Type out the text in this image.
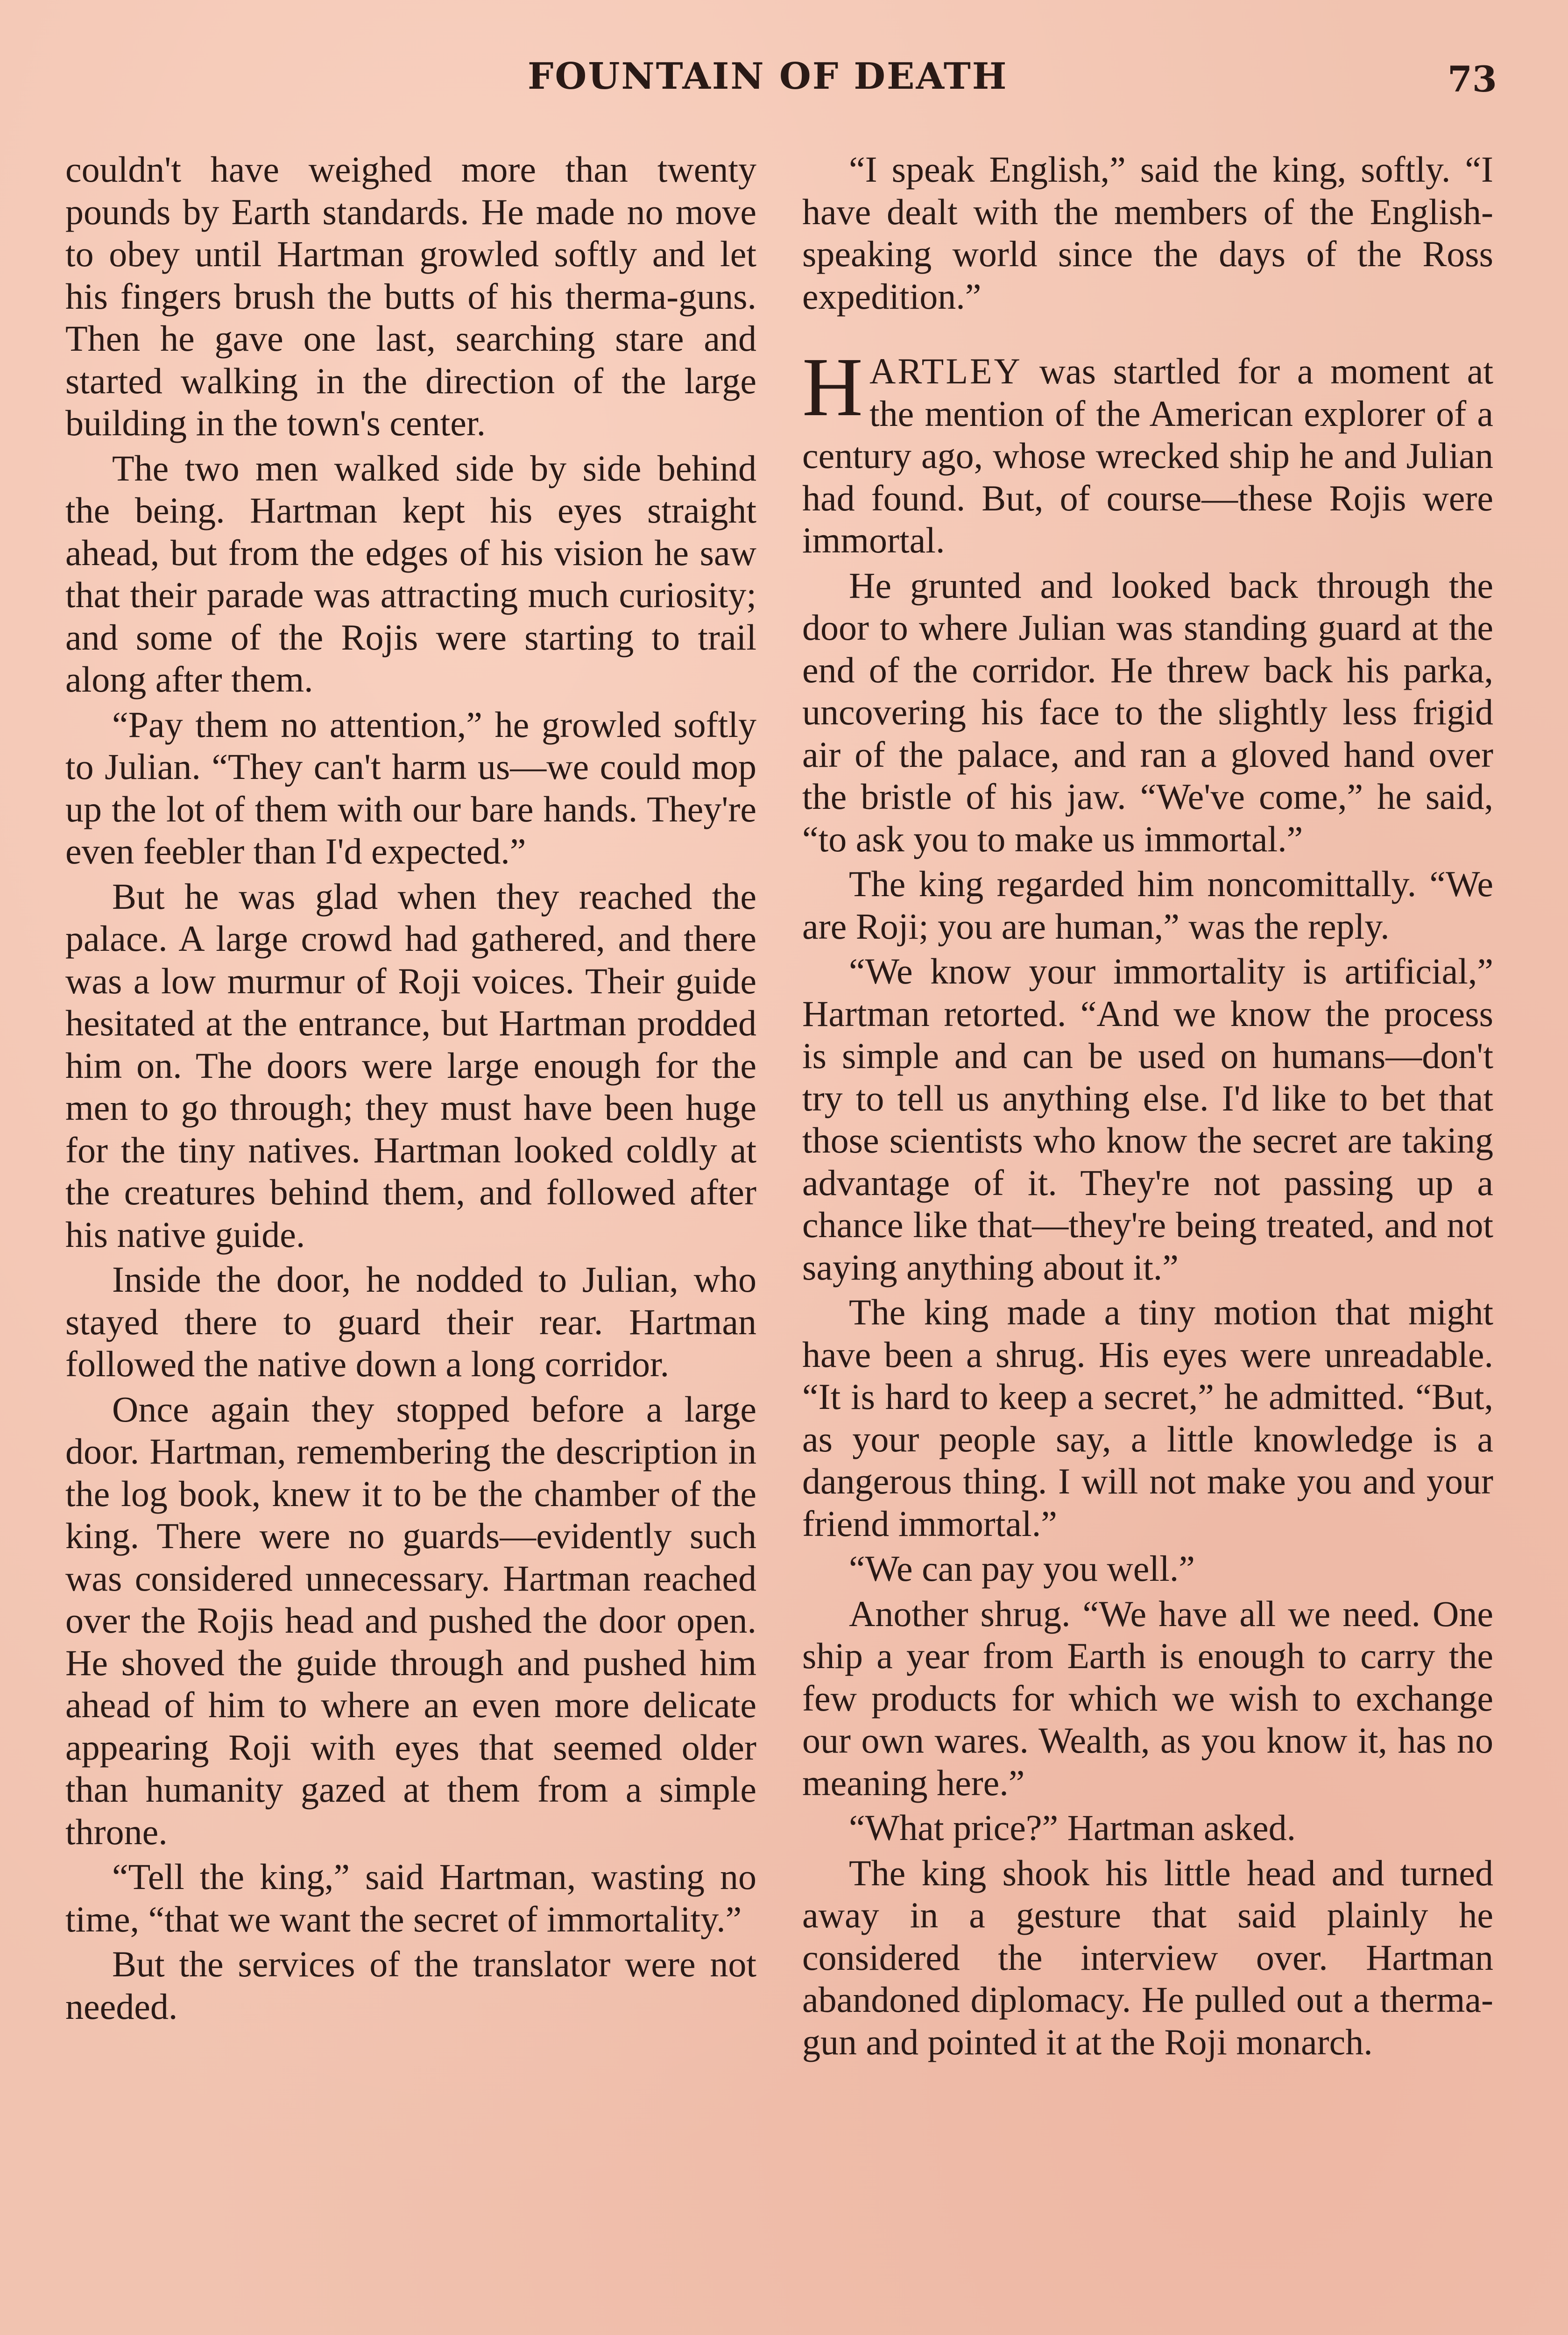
FOUNTAIN OF DEATH	73

couldn't have weighed more than twenty pounds by Earth standards. He made no move to obey until Hartman growled softly and let his fingers brush the butts of his therma-guns. Then he gave one last, searching stare and started walking in the direction of the large building in the town's center.

The two men walked side by side behind the being. Hartman kept his eyes straight ahead, but from the edges of his vision he saw that their parade was attracting much curiosity; and some of the Rojis were starting to trail along after them.

“Pay them no attention,” he growled softly to Julian. “They can't harm us—we could mop up the lot of them with our bare hands. They're even feebler than I'd expected.”

But he was glad when they reached the palace. A large crowd had gathered, and there was a low murmur of Roji voices. Their guide hesitated at the entrance, but Hartman prodded him on. The doors were large enough for the men to go through; they must have been huge for the tiny natives. Hartman looked coldly at the creatures behind them, and followed after his native guide.

Inside the door, he nodded to Julian, who stayed there to guard their rear. Hartman followed the native down a long corridor.

Once again they stopped before a large door. Hartman, remembering the description in the log book, knew it to be the chamber of the king. There were no guards—evidently such was considered unnecessary. Hartman reached over the Rojis head and pushed the door open. He shoved the guide through and pushed him ahead of him to where an even more delicate appearing Roji with eyes that seemed older than humanity gazed at them from a simple throne.

“Tell the king,” said Hartman, wasting no time, “that we want the secret of immortality.”

But the services of the translator were not needed.

“I speak English,” said the king, softly. “I have dealt with the members of the English-speaking world since the days of the Ross expedition.”

HARTLEY was startled for a moment at the mention of the American explorer of a century ago, whose wrecked ship he and Julian had found. But, of course—these Rojis were immortal.

He grunted and looked back through the door to where Julian was standing guard at the end of the corridor. He threw back his parka, uncovering his face to the slightly less frigid air of the palace, and ran a gloved hand over the bristle of his jaw. “We've come,” he said, “to ask you to make us immortal.”

The king regarded him noncomittally. “We are Roji; you are human,” was the reply.

“We know your immortality is artificial,” Hartman retorted. “And we know the process is simple and can be used on humans—don't try to tell us anything else. I'd like to bet that those scientists who know the secret are taking advantage of it. They're not passing up a chance like that—they're being treated, and not saying anything about it.”

The king made a tiny motion that might have been a shrug. His eyes were unreadable. “It is hard to keep a secret,” he admitted. “But, as your people say, a little knowledge is a dangerous thing. I will not make you and your friend immortal.”

“We can pay you well.”

Another shrug. “We have all we need. One ship a year from Earth is enough to carry the few products for which we wish to exchange our own wares. Wealth, as you know it, has no meaning here.”

“What price?” Hartman asked.

The king shook his little head and turned away in a gesture that said plainly he considered the interview over. Hartman abandoned diplomacy. He pulled out a therma-gun and pointed it at the Roji monarch.
